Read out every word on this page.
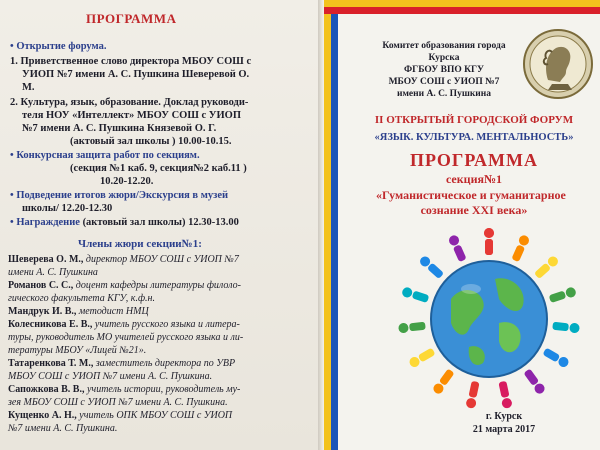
ПРОГРАММА
• Открытие форума.
1. Приветственное слово директора МБОУ СОШ с
УИОП №7 имени А. С. Пушкина Шеверевой О.
М.
2. Культура, язык, образование. Доклад руководи-
теля НОУ «Интеллект» МБОУ СОШ с УИОП
№7 имени А. С. Пушкина Князевой О. Г.
(актовый зал школы ) 10.00-10.15.
• Конкурсная защита работ по секциям.
(секция №1 каб. 9, секция№2 каб.11 )
10.20-12.20.
• Подведение итогов жюри/Экскурсия в музей
школы/ 12.20-12.30
• Награждение (актовый зал школы) 12.30-13.00
Члены жюри секции№1:
Шеверева О. М., директор МБОУ СОШ с УИОП №7
имени А. С. Пушкина
Романов С. С., доцент кафедры литературы филоло-
гического факультета КГУ, к.ф.н.
Мандрук И. В., методист НМЦ
Колесникова Е. В., учитель русского языка и литера-
туры, руководитель МО учителей русского языка и ли-
тературы МБОУ «Лицей №21».
Татаренкова Т. М., заместитель директора по УВР
МБОУ СОШ с УИОП №7 имени А. С. Пушкина.
Сапожкова В. В., учитель истории, руководитель му-
зея МБОУ СОШ с УИОП №7 имени А. С. Пушкина.
Кущенко А. Н., учитель ОПК МБОУ СОШ с УИОП
№7 имени А. С. Пушкина.
Комитет образования города
Курска
ФГБОУ ВПО КГУ
МБОУ СОШ с УИОП №7
имени А. С. Пушкина
II ОТКРЫТЫЙ ГОРОДСКОЙ ФОРУМ
«ЯЗЫК. КУЛЬТУРА. МЕНТАЛЬНОСТЬ»
ПРОГРАММА
секция№1
«Гуманистическое и гуманитарное
сознание XXI века»
г. Курск
21 марта 2017
